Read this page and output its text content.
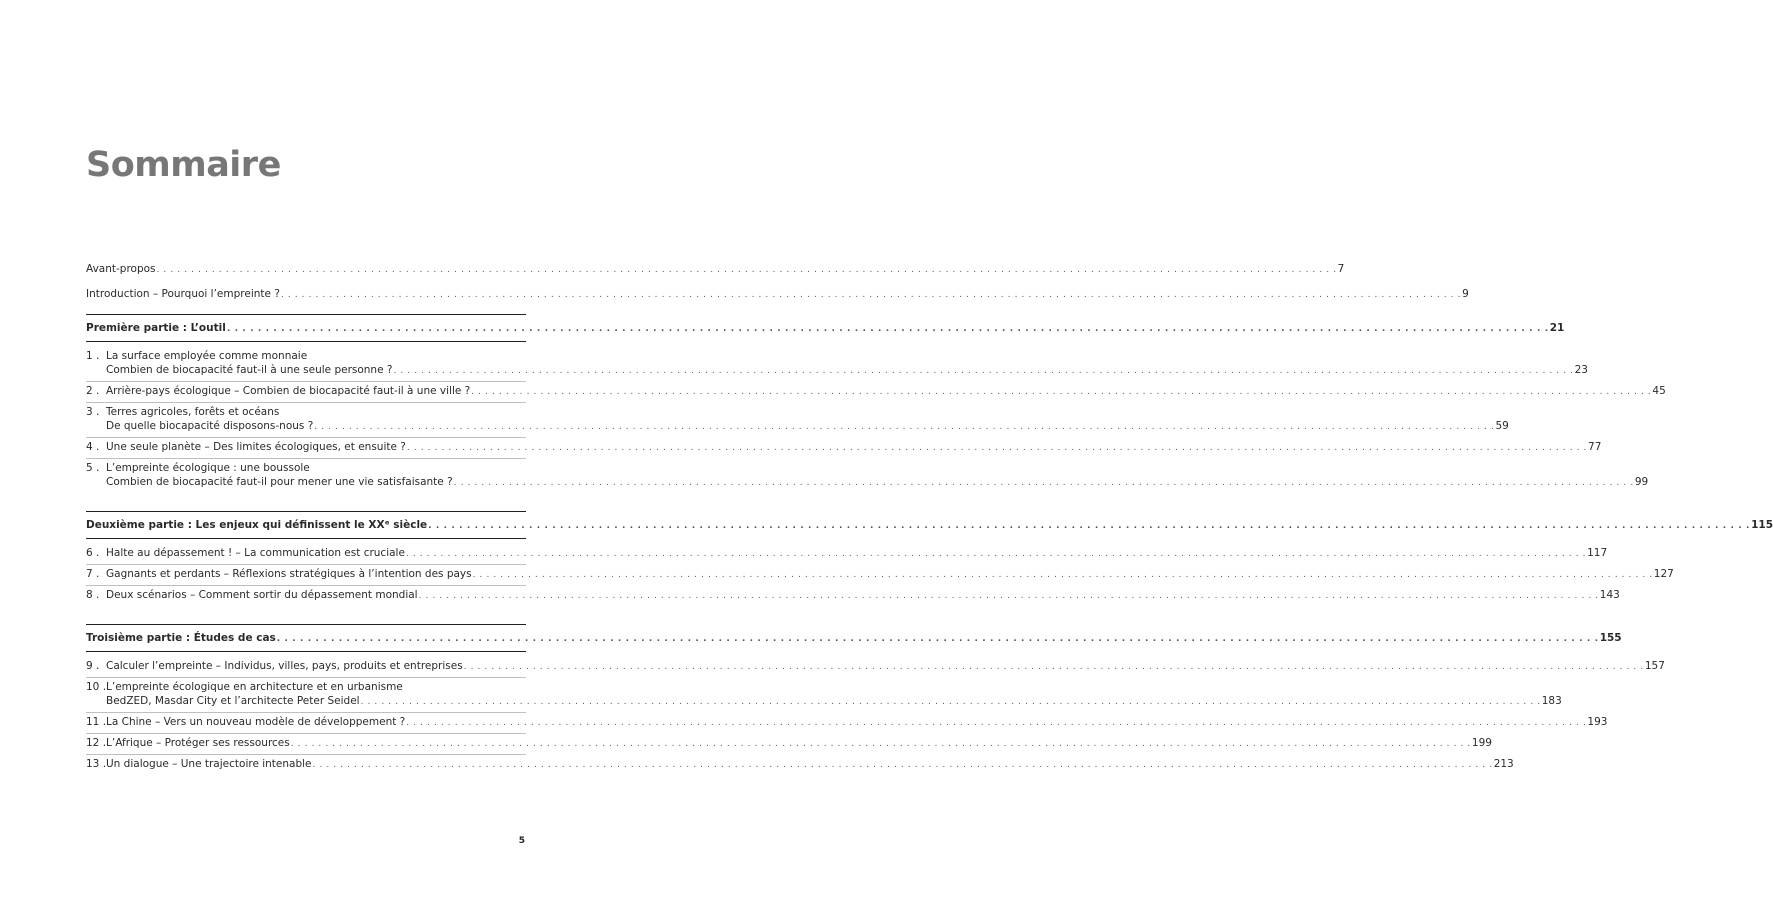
Sommaire
Avant-propos . . .	7
Introduction – Pourquoi l’empreinte ? . . .	9
Première partie : L’outil . . .	21
1 . La surface employée comme monnaie
Combien de biocapacité faut-il à une seule personne ? . . .	23
2 . Arrière-pays écologique – Combien de biocapacité faut-il à une ville ? . . .	45
3 . Terres agricoles, forêts et océans
De quelle biocapacité disposons-nous ? . . .	59
4 . Une seule planète – Des limites écologiques, et ensuite ? . . .	77
5 . L’empreinte écologique : une boussole
Combien de biocapacité faut-il pour mener une vie satisfaisante ? . . .	99
Deuxième partie : Les enjeux qui définissent le XXᵉ siècle . . .	115
6 . Halte au dépassement ! – La communication est cruciale . . .	117
7 . Gagnants et perdants – Réflexions stratégiques à l’intention des pays . . .	127
8 . Deux scénarios – Comment sortir du dépassement mondial . . .	143
Troisième partie : Études de cas . . .	155
9 . Calculer l’empreinte – Individus, villes, pays, produits et entreprises . . .	157
10 . L’empreinte écologique en architecture et en urbanisme
BedZED, Masdar City et l’architecte Peter Seidel . . .	183
11 . La Chine – Vers un nouveau modèle de développement ? . . .	193
12 . L’Afrique – Protéger ses ressources . . .	199
13 . Un dialogue – Une trajectoire intenable . . .	213
5
